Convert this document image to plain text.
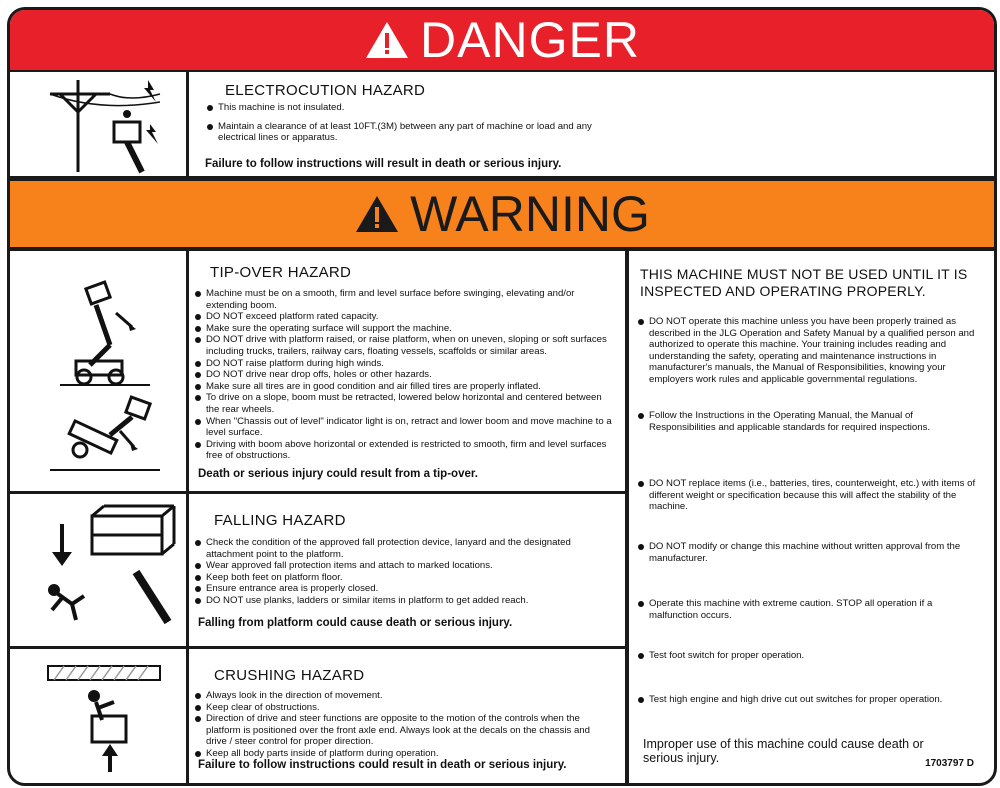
DANGER
ELECTROCUTION HAZARD
This machine is not insulated.
Maintain a clearance of at least 10FT.(3M) between any part of machine or load and any electrical lines or apparatus.
Failure to follow instructions will result in death or serious injury.
WARNING
TIP-OVER HAZARD
Machine must be on a smooth, firm and level surface before swinging, elevating and/or extending boom.
DO NOT exceed platform rated capacity.
Make sure the operating surface will support the machine.
DO NOT drive with platform raised, or raise platform, when on uneven, sloping or soft surfaces including trucks, trailers, railway cars, floating vessels, scaffolds or similar areas.
DO NOT raise platform during high winds.
DO NOT drive near drop offs, holes or other hazards.
Make sure all tires are in good condition and air filled tires are properly inflated.
To drive on a slope, boom must be retracted, lowered below horizontal and centered between the rear wheels.
When "Chassis out of level" indicator light is on, retract and lower boom and move machine to a level surface.
Driving with boom above horizontal or extended is restricted to smooth, firm and level surfaces free of obstructions.
Death or serious injury could result from a tip-over.
FALLING HAZARD
Check the condition of the approved fall protection device, lanyard and the designated attachment point to the platform.
Wear approved fall protection items and attach to marked locations.
Keep both feet on platform floor.
Ensure entrance area is properly closed.
DO NOT use planks, ladders or similar items in platform to get added reach.
Falling from platform could cause death or serious injury.
CRUSHING HAZARD
Always look in the direction of movement.
Keep clear of obstructions.
Direction of drive and steer functions are opposite to the motion of the controls when the platform is positioned over the front axle end. Always look at the decals on the chassis and drive / steer control for proper direction.
Keep all body parts inside of platform during operation.
Failure to follow instructions could result in death or serious injury.
THIS MACHINE MUST NOT BE USED UNTIL IT IS INSPECTED AND OPERATING PROPERLY.
DO NOT operate this machine unless you have been properly trained as described in the JLG Operation and Safety Manual by a qualified person and authorized to operate this machine. Your training includes reading and understanding the safety, operating and maintenance instructions in manufacturer's manuals, the Manual of Responsibilities, knowing your employers work rules and applicable governmental regulations.
Follow the Instructions in the Operating Manual, the Manual of Responsibilities and applicable standards for required inspections.
DO NOT replace items (i.e., batteries, tires, counterweight, etc.) with items of different weight or specification because this will affect the stability of the machine.
DO NOT modify or change this machine without written approval from the manufacturer.
Operate this machine with extreme caution. STOP all operation if a malfunction occurs.
Test foot switch for proper operation.
Test high engine and high drive cut out switches for proper operation.
Improper use of this machine could cause death or serious injury.	1703797 D
